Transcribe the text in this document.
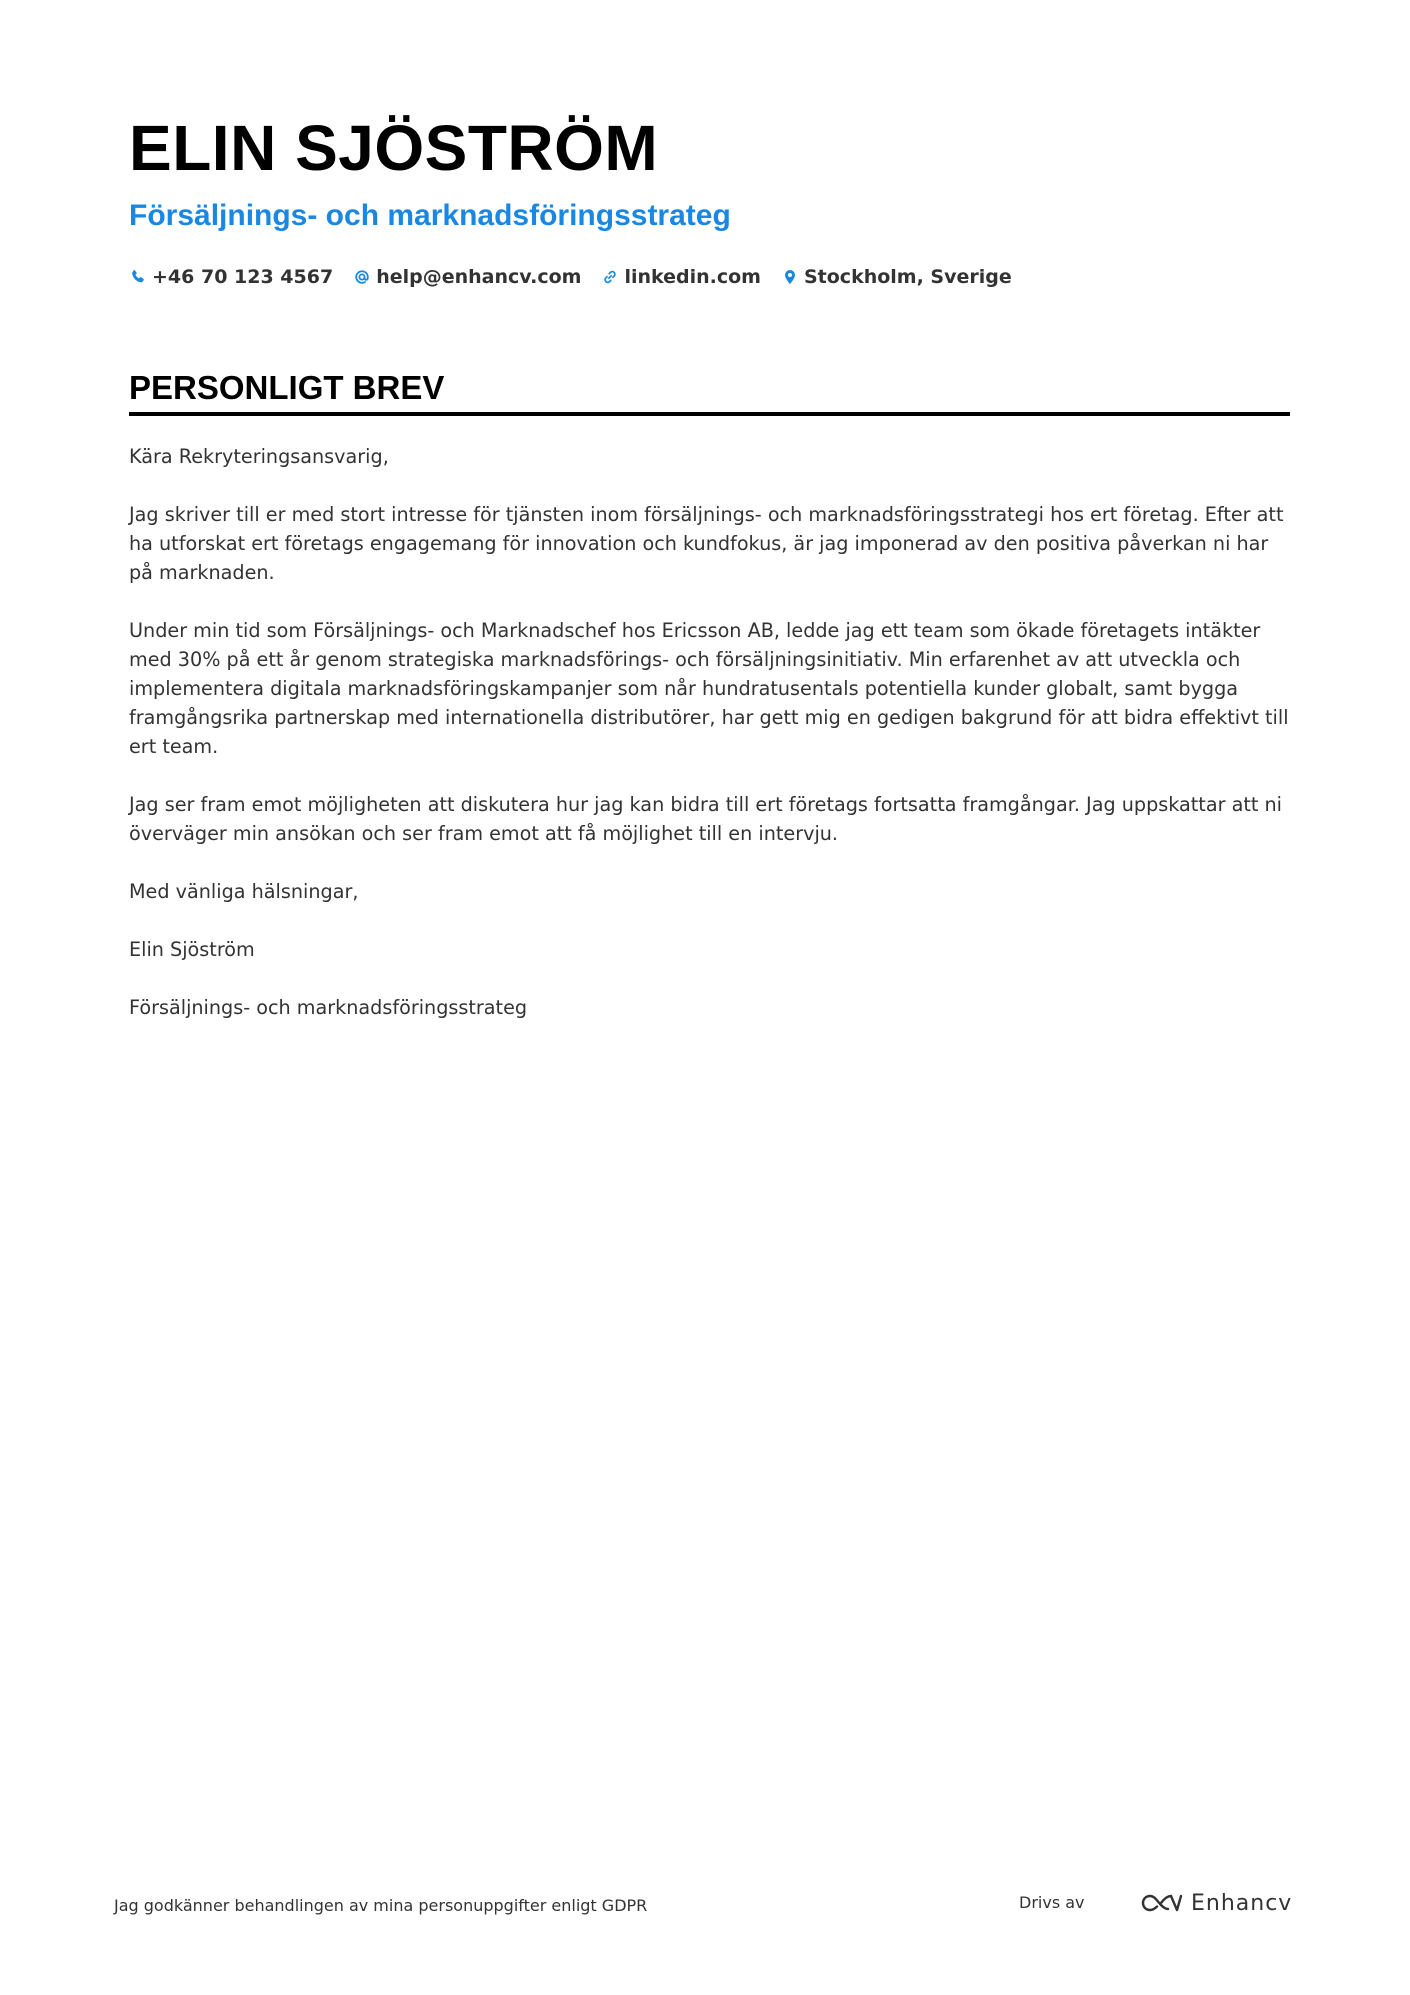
ELIN SJÖSTRÖM
Försäljnings- och marknadsföringsstrateg
+46 70 123 4567 help@enhancv.com linkedin.com Stockholm, Sverige
PERSONLIGT BREV

Kära Rekryteringsansvarig,

Jag skriver till er med stort intresse för tjänsten inom försäljnings- och marknadsföringsstrategi hos ert företag. Efter att ha utforskat ert företags engagemang för innovation och kundfokus, är jag imponerad av den positiva påverkan ni har på marknaden.

Under min tid som Försäljnings- och Marknadschef hos Ericsson AB, ledde jag ett team som ökade företagets intäkter med 30% på ett år genom strategiska marknadsförings- och försäljningsinitiativ. Min erfarenhet av att utveckla och implementera digitala marknadsföringskampanjer som når hundratusentals potentiella kunder globalt, samt bygga framgångsrika partnerskap med internationella distributörer, har gett mig en gedigen bakgrund för att bidra effektivt till ert team.

Jag ser fram emot möjligheten att diskutera hur jag kan bidra till ert företags fortsatta framgångar. Jag uppskattar att ni överväger min ansökan och ser fram emot att få möjlighet till en intervju.

Med vänliga hälsningar,

Elin Sjöström

Försäljnings- och marknadsföringsstrateg

Jag godkänner behandlingen av mina personuppgifter enligt GDPR	Drivs av	Enhancv
